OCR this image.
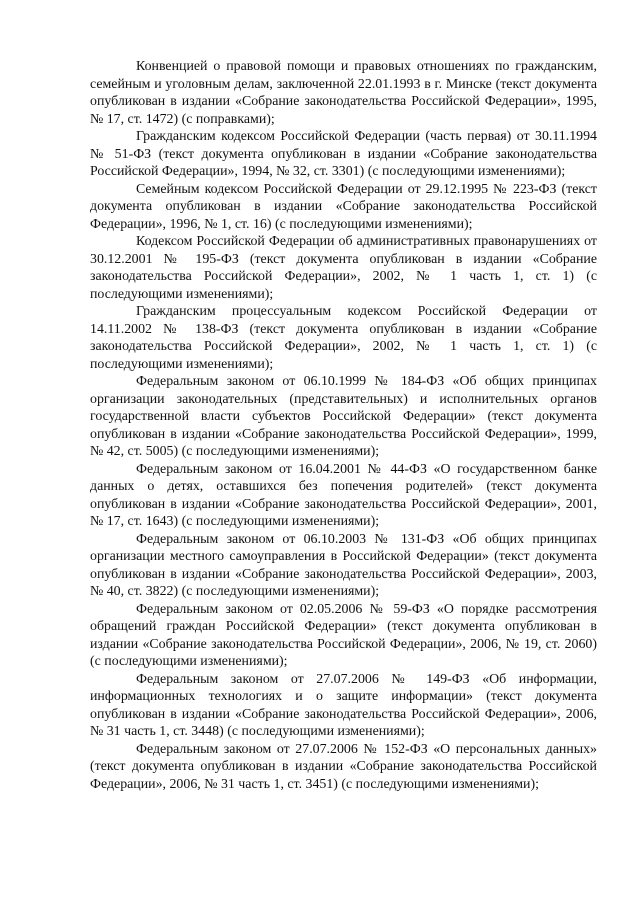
Конвенцией о правовой помощи и правовых отношениях по гражданским, семейным и уголовным делам, заключенной 22.01.1993 в г. Минске (текст документа опубликован в издании «Собрание законодательства Российской Федерации», 1995, № 17, ст. 1472) (с поправками);

Гражданским кодексом Российской Федерации (часть первая) от 30.11.1994 № 51-ФЗ (текст документа опубликован в издании «Собрание законодательства Российской Федерации», 1994, № 32, ст. 3301) (с последующими изменениями);

Семейным кодексом Российской Федерации от 29.12.1995 № 223-ФЗ (текст документа опубликован в издании «Собрание законодательства Российской Федерации», 1996, № 1, ст. 16) (с последующими изменениями);

Кодексом Российской Федерации об административных правонарушениях от 30.12.2001 № 195-ФЗ (текст документа опубликован в издании «Собрание законодательства Российской Федерации», 2002, № 1 часть 1, ст. 1) (с последующими изменениями);

Гражданским процессуальным кодексом Российской Федерации от 14.11.2002 № 138-ФЗ (текст документа опубликован в издании «Собрание законодательства Российской Федерации», 2002, № 1 часть 1, ст. 1) (с последующими изменениями);

Федеральным законом от 06.10.1999 № 184-ФЗ «Об общих принципах организации законодательных (представительных) и исполнительных органов государственной власти субъектов Российской Федерации» (текст документа опубликован в издании «Собрание законодательства Российской Федерации», 1999, № 42, ст. 5005) (с последующими изменениями);

Федеральным законом от 16.04.2001 № 44-ФЗ «О государственном банке данных о детях, оставшихся без попечения родителей» (текст документа опубликован в издании «Собрание законодательства Российской Федерации», 2001, № 17, ст. 1643) (с последующими изменениями);

Федеральным законом от 06.10.2003 № 131-ФЗ «Об общих принципах организации местного самоуправления в Российской Федерации» (текст документа опубликован в издании «Собрание законодательства Российской Федерации», 2003, № 40, ст. 3822) (с последующими изменениями);

Федеральным законом от 02.05.2006 № 59-ФЗ «О порядке рассмотрения обращений граждан Российской Федерации» (текст документа опубликован в издании «Собрание законодательства Российской Федерации», 2006, № 19, ст. 2060) (с последующими изменениями);

Федеральным законом от 27.07.2006 № 149-ФЗ «Об информации, информационных технологиях и о защите информации» (текст документа опубликован в издании «Собрание законодательства Российской Федерации», 2006, № 31 часть 1, ст. 3448) (с последующими изменениями);

Федеральным законом от 27.07.2006 № 152-ФЗ «О персональных данных» (текст документа опубликован в издании «Собрание законодательства Российской Федерации», 2006, № 31 часть 1, ст. 3451) (с последующими изменениями);
